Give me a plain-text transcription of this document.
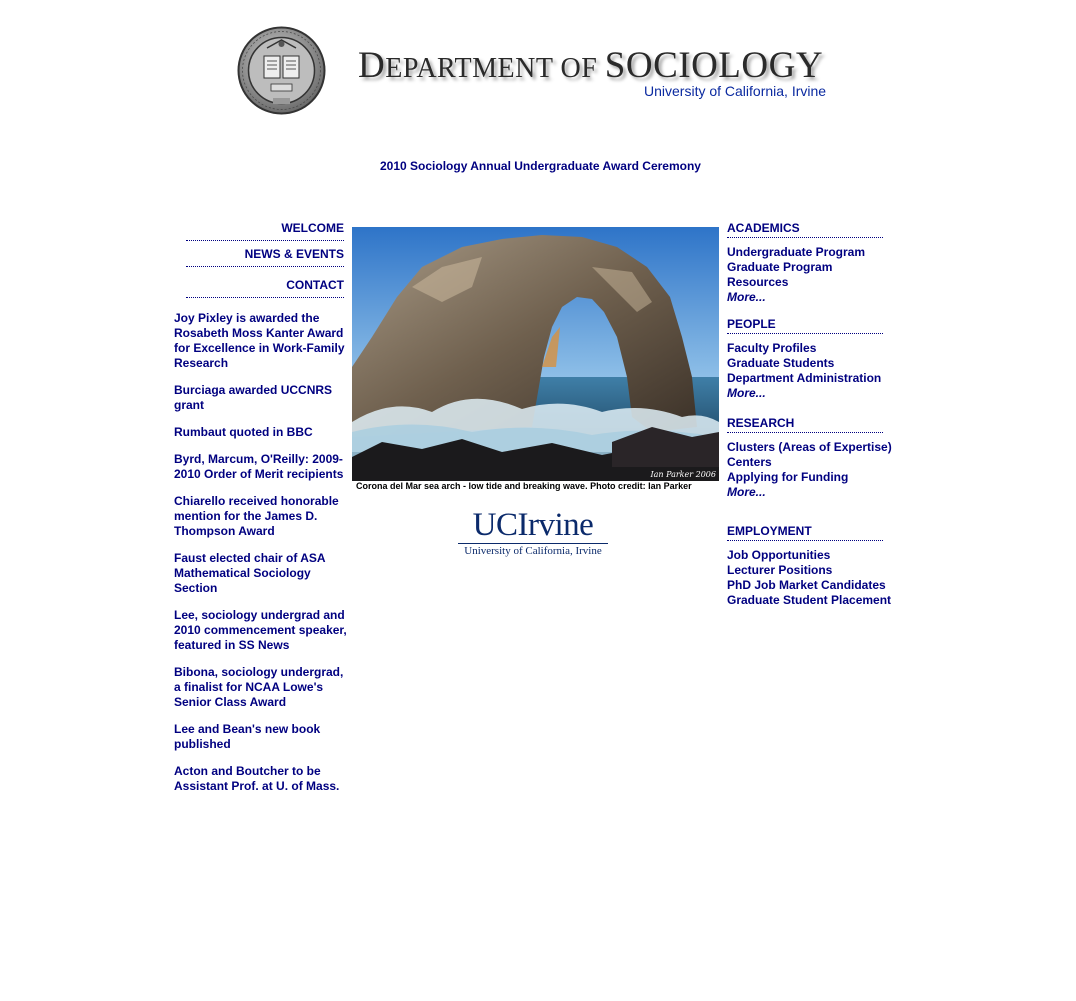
DEPARTMENT OF SOCIOLOGY
University of California, Irvine
2010 Sociology Annual Undergraduate Award Ceremony
WELCOME
NEWS & EVENTS
CONTACT
Joy Pixley is awarded the Rosabeth Moss Kanter Award for Excellence in Work-Family Research
Burciaga awarded UCCNRS grant
Rumbaut quoted in BBC
Byrd, Marcum, O'Reilly: 2009-2010 Order of Merit recipients
Chiarello received honorable mention for the James D. Thompson Award
Faust elected chair of ASA Mathematical Sociology Section
Lee, sociology undergrad and 2010 commencement speaker, featured in SS News
Bibona, sociology undergrad, a finalist for NCAA Lowe's Senior Class Award
Lee and Bean's new book published
Acton and Boutcher to be Assistant Prof. at U. of Mass.
Ian Parker 2006
Corona del Mar sea arch - low tide and breaking wave. Photo credit: Ian Parker
UCIrvine
University of California, Irvine
ACADEMICS
Undergraduate Program
Graduate Program
Resources
More...
PEOPLE
Faculty Profiles
Graduate Students
Department Administration
More...
RESEARCH
Clusters (Areas of Expertise)
Centers
Applying for Funding
More...
EMPLOYMENT
Job Opportunities
Lecturer Positions
PhD Job Market Candidates
Graduate Student Placement
